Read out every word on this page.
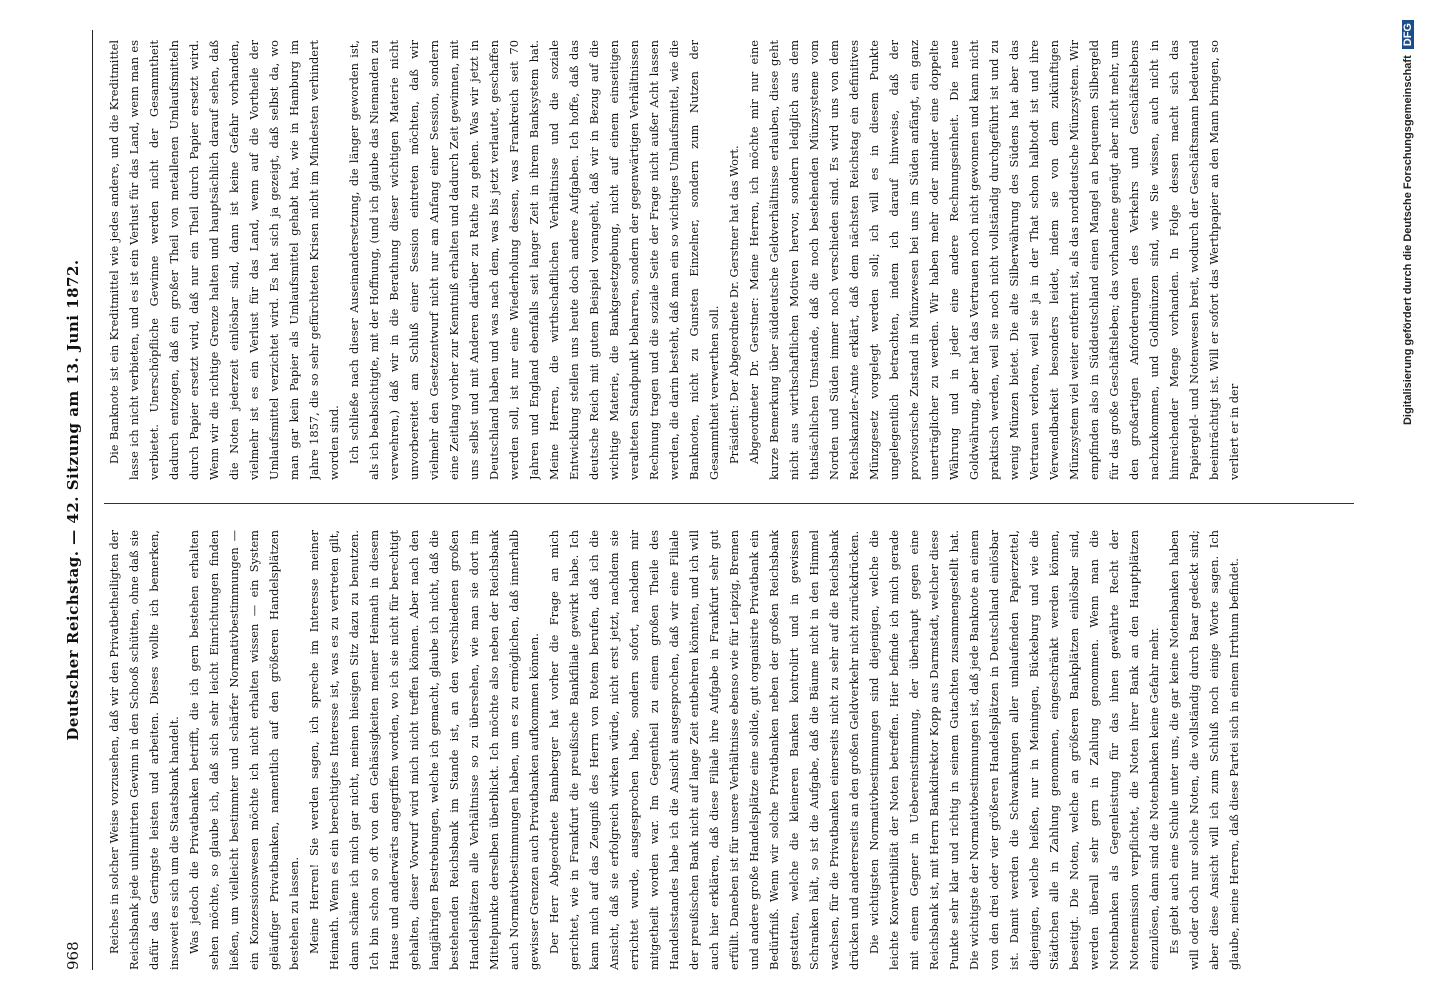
968
Deutscher Reichstag. — 42. Sitzung am 13. Juni 1872.

Reiches in solcher Weise vorzusehen, daß wir den Privatbetheiligten der Reichsbank jede unlimitirten Gewinn in den Schooß schütten, ohne daß sie dafür das Geringste leisten und arbeiten. Dieses wollte ich bemerken, insoweit es sich um die Staatsbank handelt. Was jedoch die Privatbanken betrifft, die ich gern bestehen erhalten sehen möchte, so glaube ich, daß sich sehr leicht Einrichtungen finden ließen, um vielleicht bestimmter und schärfer Normativbestimmungen — ein Konzessionswesen möchte ich nicht erhalten wissen — ein System geläufiger Privatbanken, namentlich auf den größeren Handelsplätzen bestehen zu lassen. Meine Herren! Sie werden sagen, ich spreche im Interesse meiner Heimath. Wenn es ein berechtigtes Interesse ist, was es zu vertreten gilt, dann schäme ich mich gar nicht, meinen hiesigen Sitz dazu zu benutzen. Ich bin schon so oft von den Gehässigkeiten meiner Heimath in diesem Hause und anderwärts angegriffen worden, wo ich sie nicht für berechtigt gehalten, dieser Vorwurf wird mich nicht treffen können. Aber nach den langjährigen Bestrebungen, welche ich gemacht, glaube ich nicht, daß die bestehenden Reichsbank im Stande ist, an den verschiedenen großen Handelsplätzen alle Verhältnisse so zu übersehen, wie man sie dort im Mittelpunkte derselben überblickt. Ich möchte also neben der Reichsbank auch Normativbestimmungen haben, um es zu ermöglichen, daß innerhalb gewisser Grenzen auch Privatbanken aufkommen können. Der Herr Abgeordnete Bamberger hat vorher die Frage an mich gerichtet, wie in Frankfurt die preußische Bankfiliale gewirkt habe. Ich kann mich auf das Zeugniß des Herrn von Rotem berufen, daß ich die Ansicht, daß sie erfolgreich wirken würde, nicht erst jetzt, nachdem sie errichtet wurde, ausgesprochen habe, sondern sofort, nachdem mir mitgetheilt worden war. Im Gegentheil zu einem großen Theile des Handelsstandes habe ich die Ansicht ausgesprochen, daß wir eine Filiale der preußischen Bank nicht auf lange Zeit entbehren könnten, und ich will auch hier erklären, daß diese Filiale ihre Aufgabe in Frankfurt sehr gut erfüllt. Daneben ist für unsere Verhältnisse ebenso wie für Leipzig, Bremen und andere große Handelsplätze eine solide, gut organisirte Privatbank ein Bedürfniß. Wenn wir solche Privatbanken neben der großen Reichsbank gestatten, welche die kleineren Banken kontrolirt und in gewissen Schranken hält, so ist die Aufgabe, daß die Bäume nicht in den Himmel wachsen, für die Privatbanken einerseits nicht zu sehr auf die Reichsbank drücken und andererseits an den großen Geldverkehr nicht zurückdrücken. Die wichtigsten Normativbestimmungen sind diejenigen, welche die leichte Konvertibilität der Noten betreffen. Hier befinde ich mich gerade mit einem Gegner in Uebereinstimmung, der überhaupt gegen eine Reichsbank ist, mit Herrn Bankdirektor Kopp aus Darmstadt, welcher diese Punkte sehr klar und richtig in seinem Gutachten zusammengestellt hat. Die wichtigste der Normativbestimmungen ist, daß jede Banknote an einem von den drei oder vier größeren Handelsplätzen in Deutschland einlösbar ist. Damit werden die Schwankungen aller umlaufenden Papierzettel, diejenigen, welche heißen, nur in Meiningen, Bückeburg und wie die Städtchen alle in Zahlung genommen, eingeschränkt werden können, beseitigt. Die Noten, welche an größeren Bankplätzen einlösbar sind, werden überall sehr gern in Zahlung genommen. Wenn man die Notenbanken als Gegenleistung für das ihnen gewährte Recht der Notenemission verpflichtet, die Noten ihrer Bank an den Hauptplätzen einzulösen, dann sind die Notenbanken keine Gefahr mehr. Es giebt auch eine Schule unter uns, die gar keine Notenbanken haben will oder doch nur solche Noten, die vollständig durch Baar gedeckt sind; aber diese Ansicht will ich zum Schluß noch einige Worte sagen. Ich glaube, meine Herren, daß diese Partei sich in einem Irrthum befindet.

Die Banknote ist ein Kreditmittel wie jedes andere, und die Kreditmittel lasse ich nicht verbieten, und es ist ein Verlust für das Land, wenn man es verbietet. Unerschöpfliche Gewinne werden nicht der Gesammtheit dadurch entzogen, daß ein großer Theil von metallenen Umlaufsmitteln durch Papier ersetzt wird, daß nur ein Theil durch Papier ersetzt wird. Wenn wir die richtige Grenze halten und hauptsächlich darauf sehen, daß die Noten jederzeit einlösbar sind, dann ist keine Gefahr vorhanden, vielmehr ist es ein Verlust für das Land, wenn auf die Vortheile der Umlaufsmittel verzichtet wird. Es hat sich ja gezeigt, daß selbst da, wo man gar kein Papier als Umlaufsmittel gehabt hat, wie in Hamburg im Jahre 1857, die so sehr gefürchteten Krisen nicht im Mindesten verhindert worden sind. Ich schließe nach dieser Auseinandersetzung, die länger geworden ist, als ich beabsichtigte, mit der Hoffnung, (und ich glaube das Niemanden zu verwehren,) daß wir in die Berathung dieser wichtigen Materie nicht unvorbereitet am Schluß einer Session eintreten möchten, daß wir vielmehr den Gesetzentwurf nicht nur am Anfang einer Session, sondern eine Zeitlang vorher zur Kenntniß erhalten und dadurch Zeit gewinnen, mit uns selbst und mit Anderen darüber zu Rathe zu gehen. Was wir jetzt in Deutschland haben und was nach dem, was bis jetzt verlautet, geschaffen werden soll, ist nur eine Wiederholung dessen, was Frankreich seit 70 Jahren und England ebenfalls seit langer Zeit in ihrem Banksystem hat. Meine Herren, die wirthschaftlichen Verhältnisse und die soziale Entwicklung stellen uns heute doch andere Aufgaben. Ich hoffe, daß das deutsche Reich mit gutem Beispiel vorangeht, daß wir in Bezug auf die wichtige Materie, die Bankgesetzgebung, nicht auf einem einseitigen veralteten Standpunkt beharren, sondern der gegenwärtigen Verhältnissen Rechnung tragen und die soziale Seite der Frage nicht außer Acht lassen werden, die darin besteht, daß man ein so wichtiges Umlaufsmittel, wie die Banknoten, nicht zu Gunsten Einzelner, sondern zum Nutzen der Gesammtheit verwerthen soll. Präsident: Der Abgeordnete Dr. Gerstner hat das Wort. Abgeordneter Dr. Gerstner: Meine Herren, ich möchte mir nur eine kurze Bemerkung über süddeutsche Geldverhältnisse erlauben, diese geht nicht aus wirthschaftlichen Motiven hervor, sondern lediglich aus dem thatsächlichen Umstande, daß die noch bestehenden Münzsysteme vom Norden und Süden immer noch verschieden sind. Es wird uns von dem Reichskanzler-Amte erklärt, daß dem nächsten Reichstag ein definitives Münzgesetz vorgelegt werden soll; ich will es in diesem Punkte ungelegentlich betrachten, indem ich darauf hinweise, daß der provisorische Zustand in Münzwesen bei uns im Süden anfängt, ein ganz unerträglicher zu werden. Wir haben mehr oder minder eine doppelte Währung und in jeder eine andere Rechnungseinheit. Die neue Goldwährung, aber hat das Vertrauen noch nicht gewonnen und kann nicht praktisch werden, weil sie noch nicht vollständig durchgeführt ist und zu wenig Münzen bietet. Die alte Silberwährung des Südens hat aber das Vertrauen verloren, weil sie ja in der That schon halbtodt ist und ihre Verwendbarkeit besonders leidet, indem sie von dem zukünftigen Münzsystem viel weiter entfernt ist, als das norddeutsche Münzsystem. Wir empfinden also in Süddeutschland einen Mangel an bequemen Silbergeld für das große Geschäftsleben; das vorhandene genügt aber nicht mehr, um den großartigen Anforderungen des Verkehrs und Geschäftslebens nachzukommen, und Goldmünzen sind, wie Sie wissen, auch nicht in hinreichender Menge vorhanden. In Folge dessen macht sich das Papiergeld- und Notenwesen breit, wodurch der Geschäftsmann bedeutend beeinträchtigt ist. Will er sofort das Werthpapier an den Mann bringen, so verliert er in der

Digitalisierung gefördert durch die Deutsche ForschungsgemeinschaftDFG
